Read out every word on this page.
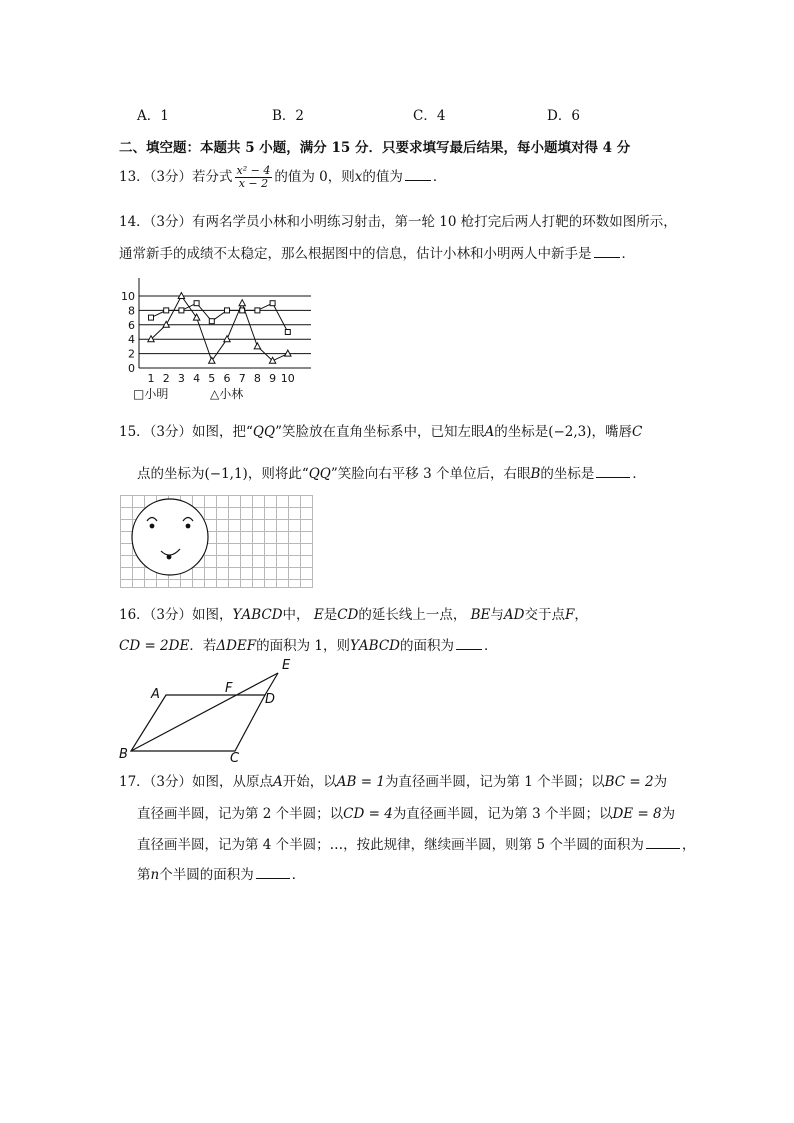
A．1	B．2	C．4	D．6
二、填空题：本题共 5 小题，满分 15 分．只要求填写最后结果，每小题填对得 4 分
13．（3分）若分式 $\frac{\text{x² − 4}}{x - 2}$ 的值为 0，则x的值为 ．
14．（3分）有两名学员小林和小明练习射击，第一轮 10 枪打完后两人打靶的环数如图所示，
通常新手的成绩不太稳定，那么根据图中的信息，估计小林和小明两人中新手是 ．
0
2
4
6
8
10
1 2 3 4 5 6 7 8 9 10
□小明	△小林
15．（3分）如图，把“QQ”笑脸放在直角坐标系中，已知左眼A的坐标是(−2,3)，嘴唇C
点的坐标为(−1,1)，则将此“QQ”笑脸向右平移 3 个单位后，右眼B的坐标是	．
16．（3分）如图，ΥABCD中， E是CD的延长线上一点， BE与AD交于点F，
CD = 2DE．若ΔDEF的面积为 1，则ΥABCD的面积为 ．
A
B	C
D
E
F
17．（3分）如图，从原点A开始，以AB = 1为直径画半圆，记为第 1 个半圆；以BC = 2为
直径画半圆，记为第 2 个半圆；以CD = 4为直径画半圆，记为第 3 个半圆；以DE = 8为
直径画半圆，记为第 4 个半圆；…，按此规律，继续画半圆，则第 5 个半圆的面积为	，
第n个半圆的面积为	．
